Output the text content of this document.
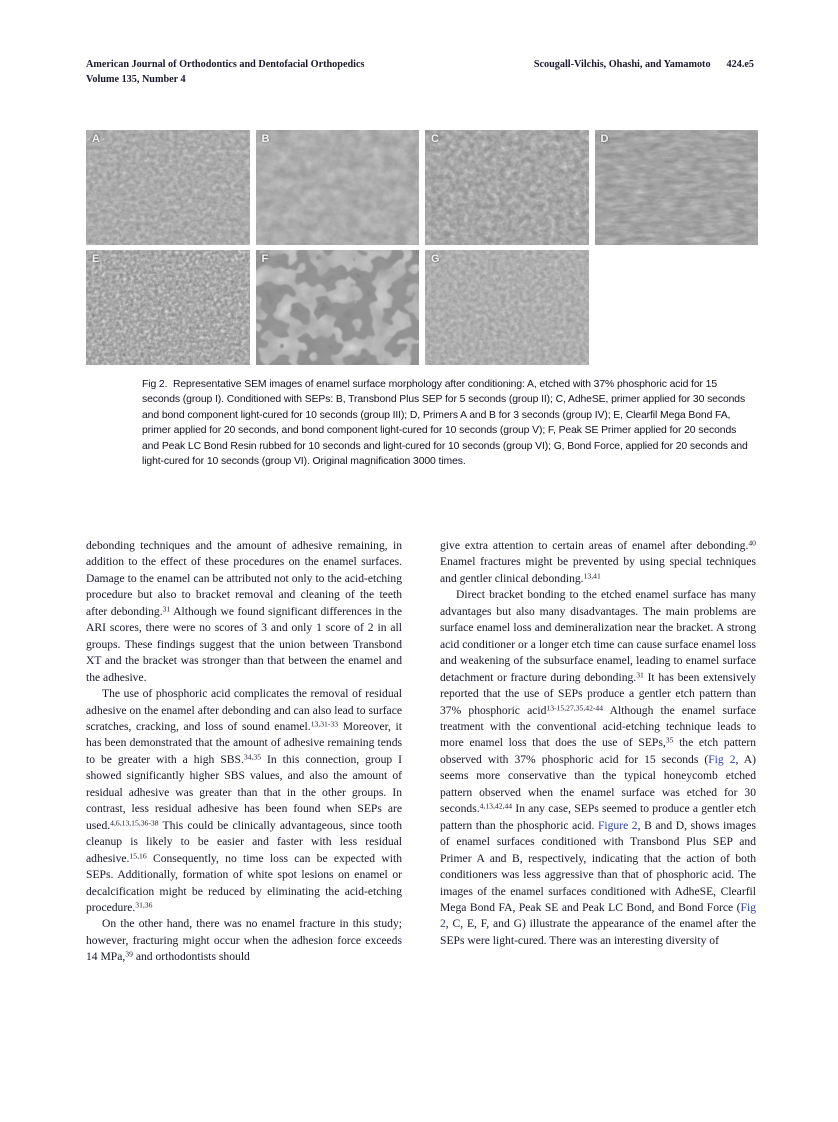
American Journal of Orthodontics and Dentofacial Orthopedics
Volume 135, Number 4
Scougall-Vilchis, Ohashi, and Yamamoto 424.e5
A	B	C	D
E	F	G
Fig 2. Representative SEM images of enamel surface morphology after conditioning: A, etched with 37% phosphoric acid for 15 seconds (group I). Conditioned with SEPs: B, Transbond Plus SEP for 5 seconds (group II); C, AdheSE, primer applied for 30 seconds and bond component light-cured for 10 seconds (group III); D, Primers A and B for 3 seconds (group IV); E, Clearfil Mega Bond FA, primer applied for 20 seconds, and bond component light-cured for 10 seconds (group V); F, Peak SE Primer applied for 20 seconds and Peak LC Bond Resin rubbed for 10 seconds and light-cured for 10 seconds (group VI); G, Bond Force, applied for 20 seconds and light-cured for 10 seconds (group VI). Original magnification 3000 times.

debonding techniques and the amount of adhesive remaining, in addition to the effect of these procedures on the enamel surfaces. Damage to the enamel can be attributed not only to the acid-etching procedure but also to bracket removal and cleaning of the teeth after debonding.$^{31}$ Although we found significant differences in the ARI scores, there were no scores of 3 and only 1 score of 2 in all groups. These findings suggest that the union between Transbond XT and the bracket was stronger than that between the enamel and the adhesive.

The use of phosphoric acid complicates the removal of residual adhesive on the enamel after debonding and can also lead to surface scratches, cracking, and loss of sound enamel.$^{13,31-33}$ Moreover, it has been demonstrated that the amount of adhesive remaining tends to be greater with a high SBS.$^{34,35}$ In this connection, group I showed significantly higher SBS values, and also the amount of residual adhesive was greater than that in the other groups. In contrast, less residual adhesive has been found when SEPs are used.$^{4,6,13,15,36-38}$ This could be clinically advantageous, since tooth cleanup is likely to be easier and faster with less residual adhesive.$^{15,16}$ Consequently, no time loss can be expected with SEPs. Additionally, formation of white spot lesions on enamel or decalcification might be reduced by eliminating the acid-etching procedure.$^{31,36}$

On the other hand, there was no enamel fracture in this study; however, fracturing might occur when the adhesion force exceeds 14 MPa,$^{39}$ and orthodontists should

give extra attention to certain areas of enamel after debonding.$^{40}$ Enamel fractures might be prevented by using special techniques and gentler clinical debonding.$^{13,41}$

Direct bracket bonding to the etched enamel surface has many advantages but also many disadvantages. The main problems are surface enamel loss and demineralization near the bracket. A strong acid conditioner or a longer etch time can cause surface enamel loss and weakening of the subsurface enamel, leading to enamel surface detachment or fracture during debonding.$^{31}$ It has been extensively reported that the use of SEPs produce a gentler etch pattern than 37% phosphoric acid$^{13-15,27,35,42-44}$ Although the enamel surface treatment with the conventional acid-etching technique leads to more enamel loss that does the use of SEPs,$^{35}$ the etch pattern observed with 37% phosphoric acid for 15 seconds (Fig 2, A) seems more conservative than the typical honeycomb etched pattern observed when the enamel surface was etched for 30 seconds.$^{4,13,42,44}$ In any case, SEPs seemed to produce a gentler etch pattern than the phosphoric acid. Figure 2, B and D, shows images of enamel surfaces conditioned with Transbond Plus SEP and Primer A and B, respectively, indicating that the action of both conditioners was less aggressive than that of phosphoric acid. The images of the enamel surfaces conditioned with AdheSE, Clearfil Mega Bond FA, Peak SE and Peak LC Bond, and Bond Force (Fig 2, C, E, F, and G) illustrate the appearance of the enamel after the SEPs were light-cured. There was an interesting diversity of
